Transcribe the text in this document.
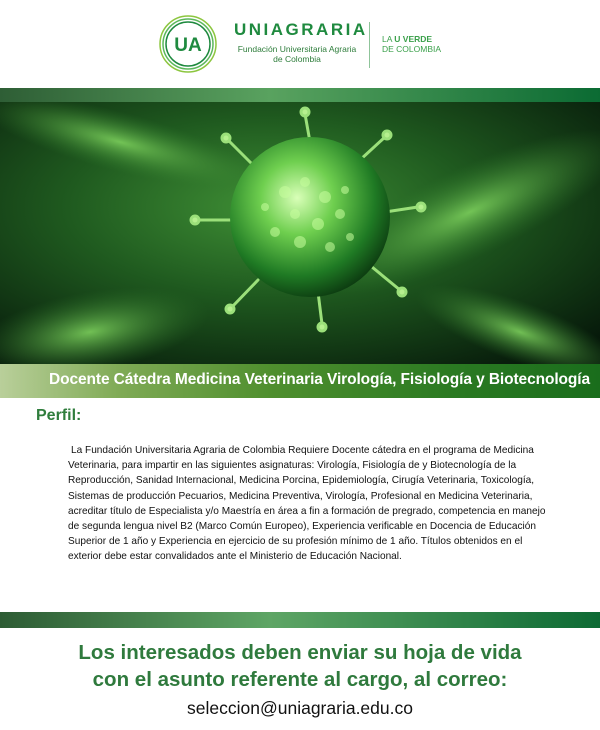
UA
UNIAGRARIA
Fundación Universitaria Agraria
de Colombia
LA U VERDE
DE COLOMBIA
Docente Cátedra Medicina Veterinaria Virología, Fisiología y Biotecnología
Perfil:
La Fundación Universitaria Agraria de Colombia Requiere Docente cátedra en el programa de Medicina Veterinaria, para impartir en las siguientes asignaturas: Virología, Fisiología de y Biotecnología de la Reproducción, Sanidad Internacional, Medicina Porcina, Epidemiología, Cirugía Veterinaria, Toxicología, Sistemas de producción Pecuarios, Medicina Preventiva, Virología, Profesional en Medicina Veterinaria, acreditar título de Especialista y/o Maestría en área a fin a formación de pregrado, competencia en manejo de segunda lengua nivel B2 (Marco Común Europeo), Experiencia verificable en Docencia de Educación Superior de 1 año y Experiencia en ejercicio de su profesión mínimo de 1 año. Títulos obtenidos en el exterior debe estar convalidados ante el Ministerio de Educación Nacional.
Los interesados deben enviar su hoja de vida
con el asunto referente al cargo, al correo:
seleccion@uniagraria.edu.co
